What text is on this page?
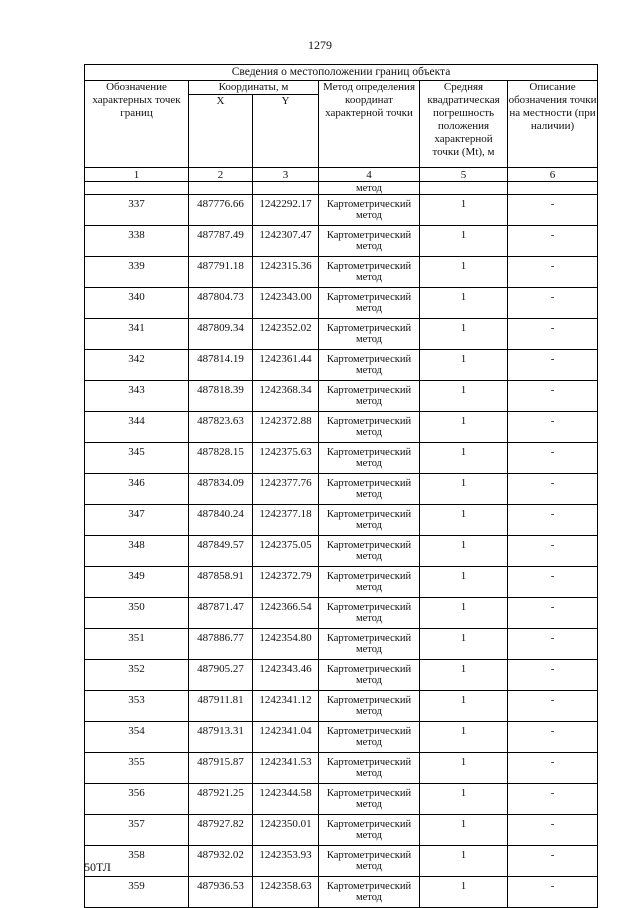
1279
Сведения о местоположении границ объекта					
Обозначение характерных точек границ	Координаты, м		Метод определения координат характерной точки	Средняя квадратическая погрешность положения характерной точки (Mt), м	Описание обозначения точки на местности (при наличии)
	X	Y			
1	2	3	4	5	6
			метод		
337	487776.66	1242292.17	Картометрический метод	1	-
338	487787.49	1242307.47	Картометрический метод	1	-
339	487791.18	1242315.36	Картометрический метод	1	-
340	487804.73	1242343.00	Картометрический метод	1	-
341	487809.34	1242352.02	Картометрический метод	1	-
342	487814.19	1242361.44	Картометрический метод	1	-
343	487818.39	1242368.34	Картометрический метод	1	-
344	487823.63	1242372.88	Картометрический метод	1	-
345	487828.15	1242375.63	Картометрический метод	1	-
346	487834.09	1242377.76	Картометрический метод	1	-
347	487840.24	1242377.18	Картометрический метод	1	-
348	487849.57	1242375.05	Картометрический метод	1	-
349	487858.91	1242372.79	Картометрический метод	1	-
350	487871.47	1242366.54	Картометрический метод	1	-
351	487886.77	1242354.80	Картометрический метод	1	-
352	487905.27	1242343.46	Картометрический метод	1	-
353	487911.81	1242341.12	Картометрический метод	1	-
354	487913.31	1242341.04	Картометрический метод	1	-
355	487915.87	1242341.53	Картометрический метод	1	-
356	487921.25	1242344.58	Картометрический метод	1	-
357	487927.82	1242350.01	Картометрический метод	1	-
358	487932.02	1242353.93	Картометрический метод	1	-
359	487936.53	1242358.63	Картометрический метод	1	-
50ТЛ
